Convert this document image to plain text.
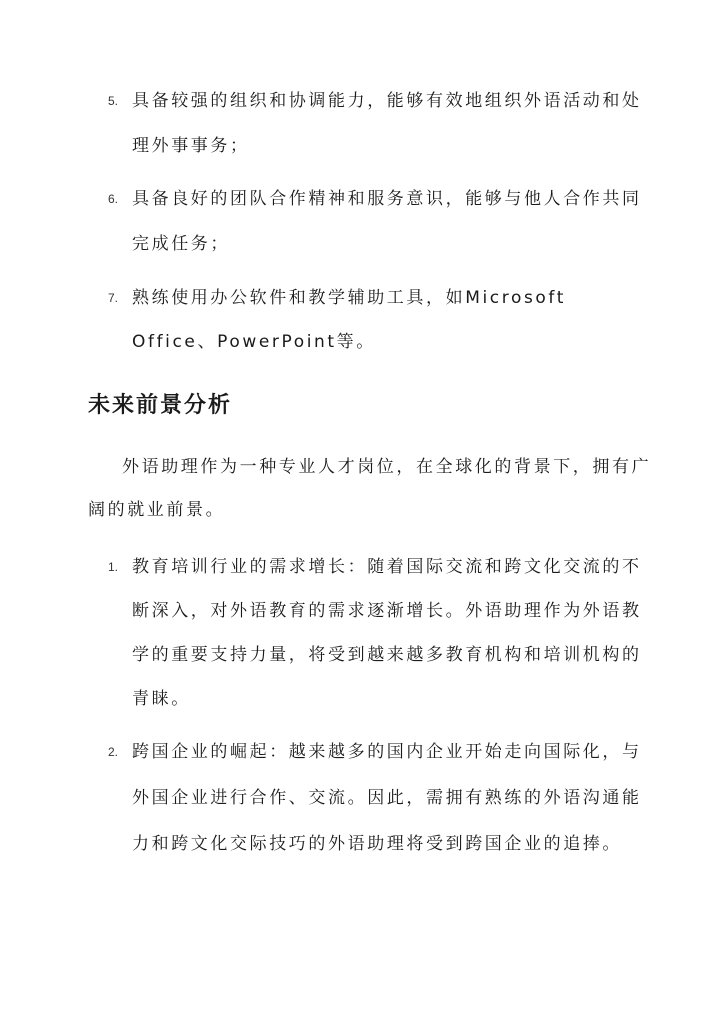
5. 具备较强的组织和协调能力，能够有效地组织外语活动和处
理外事事务；
6. 具备良好的团队合作精神和服务意识，能够与他人合作共同
完成任务；
7. 熟练使用办公软件和教学辅助工具，如Microsoft
Office、PowerPoint等。
未来前景分析
外语助理作为一种专业人才岗位，在全球化的背景下，拥有广
阔的就业前景。
1. 教育培训行业的需求增长：随着国际交流和跨文化交流的不
断深入，对外语教育的需求逐渐增长。外语助理作为外语教
学的重要支持力量，将受到越来越多教育机构和培训机构的
青睐。
2. 跨国企业的崛起：越来越多的国内企业开始走向国际化，与
外国企业进行合作、交流。因此，需拥有熟练的外语沟通能
力和跨文化交际技巧的外语助理将受到跨国企业的追捧。
